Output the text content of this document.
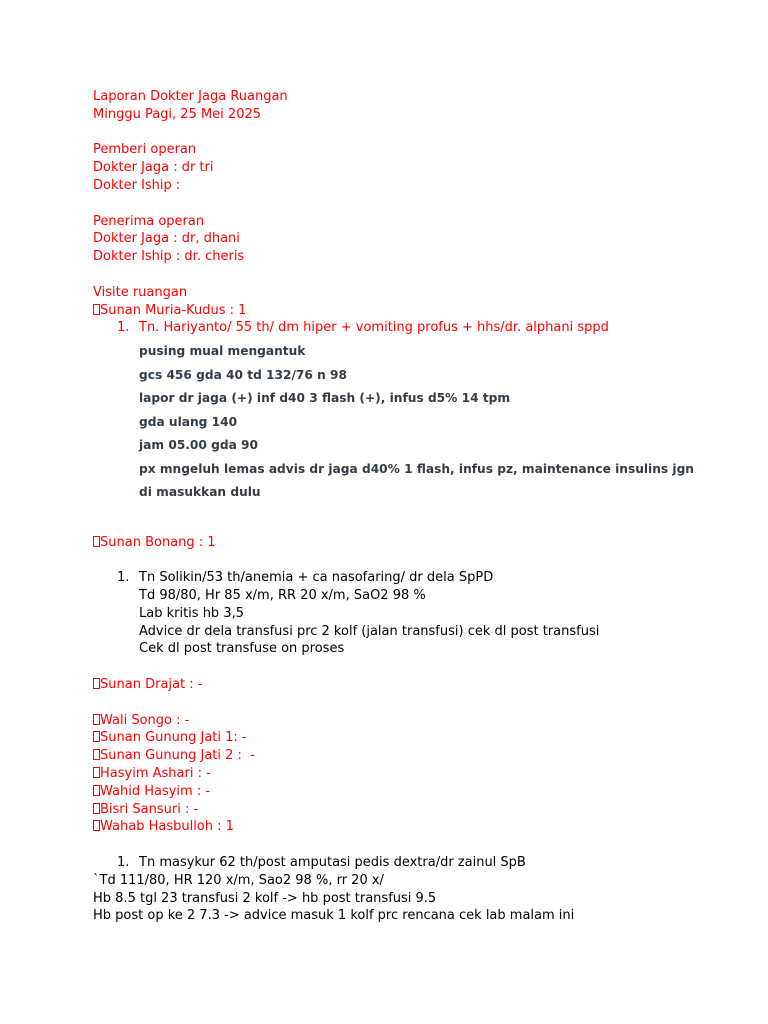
Laporan Dokter Jaga Ruangan
Minggu Pagi, 25 Mei 2025
Pemberi operan
Dokter Jaga : dr tri
Dokter Iship :
Penerima operan
Dokter Jaga : dr, dhani
Dokter Iship : dr. cheris
Visite ruangan
Sunan Muria-Kudus : 1
1. Tn. Hariyanto/ 55 th/ dm hiper + vomiting profus + hhs/dr. alphani sppd
pusing mual mengantuk
gcs 456 gda 40 td 132/76 n 98
lapor dr jaga (+) inf d40 3 flash (+), infus d5% 14 tpm
gda ulang 140
jam 05.00 gda 90
px mngeluh lemas advis dr jaga d40% 1 flash, infus pz, maintenance insulins jgn
di masukkan dulu
Sunan Bonang : 1
1. Tn Solikin/53 th/anemia + ca nasofaring/ dr dela SpPD
Td 98/80, Hr 85 x/m, RR 20 x/m, SaO2 98 %
Lab kritis hb 3,5
Advice dr dela transfusi prc 2 kolf (jalan transfusi) cek dl post transfusi
Cek dl post transfuse on proses
Sunan Drajat : -
Wali Songo : -
Sunan Gunung Jati 1: -
Sunan Gunung Jati 2 :  -
Hasyim Ashari : -
Wahid Hasyim : -
Bisri Sansuri : -
Wahab Hasbulloh : 1
1. Tn masykur 62 th/post amputasi pedis dextra/dr zainul SpB
`Td 111/80, HR 120 x/m, Sao2 98 %, rr 20 x/
Hb 8.5 tgl 23 transfusi 2 kolf -> hb post transfusi 9.5
Hb post op ke 2 7.3 -> advice masuk 1 kolf prc rencana cek lab malam ini
